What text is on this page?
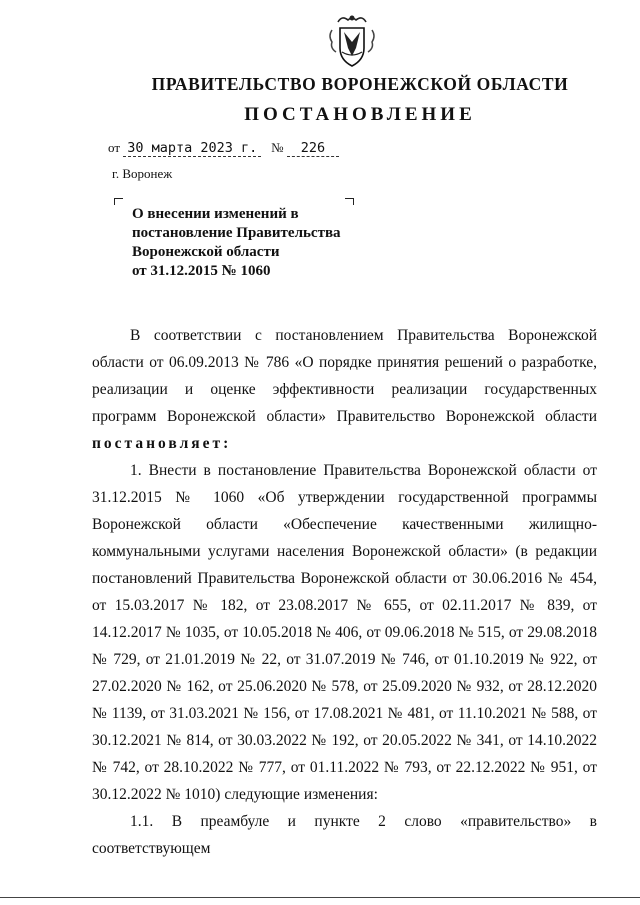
ПРАВИТЕЛЬСТВО ВОРОНЕЖСКОЙ ОБЛАСТИ
ПОСТАНОВЛЕНИЕ
от 30 марта 2023 г. № 226
г. Воронеж
О внесении изменений в
постановление Правительства
Воронежской области
от 31.12.2015 № 1060

В соответствии с постановлением Правительства Воронежской области от 06.09.2013 № 786 «О порядке принятия решений о разработке, реализации и оценке эффективности реализации государственных программ Воронежской области» Правительство Воронежской области

постановляет:

1. Внести в постановление Правительства Воронежской области от 31.12.2015 № 1060 «Об утверждении государственной программы Воронежской области «Обеспечение качественными жилищно-коммунальными услугами населения Воронежской области» (в редакции постановлений Правительства Воронежской области от 30.06.2016 № 454, от 15.03.2017 № 182, от 23.08.2017 № 655, от 02.11.2017 № 839, от 14.12.2017 № 1035, от 10.05.2018 № 406, от 09.06.2018 № 515, от 29.08.2018 № 729, от 21.01.2019 № 22, от 31.07.2019 № 746, от 01.10.2019 № 922, от 27.02.2020 № 162, от 25.06.2020 № 578, от 25.09.2020 № 932, от 28.12.2020 № 1139, от 31.03.2021 № 156, от 17.08.2021 № 481, от 11.10.2021 № 588, от 30.12.2021 № 814, от 30.03.2022 № 192, от 20.05.2022 № 341, от 14.10.2022 № 742, от 28.10.2022 № 777, от 01.11.2022 № 793, от 22.12.2022 № 951, от 30.12.2022 № 1010) следующие изменения:

1.1. В преамбуле и пункте 2 слово «правительство» в соответствующем
